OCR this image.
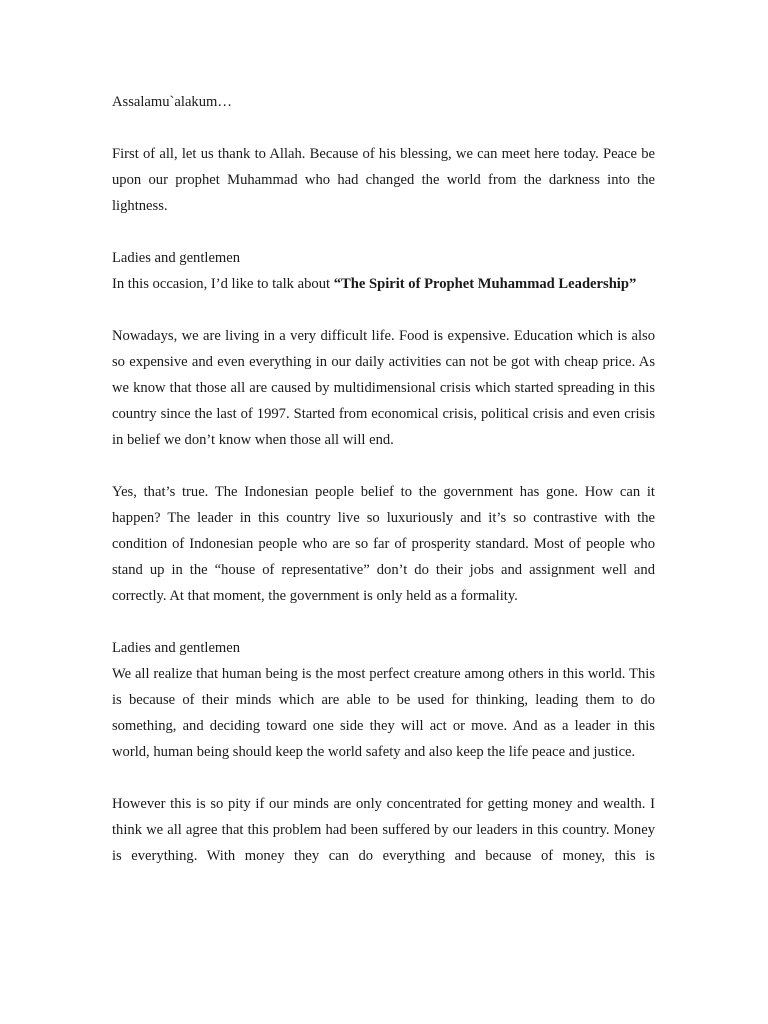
Assalamu`alakum…

First of all, let us thank to Allah. Because of his blessing, we can meet here today. Peace be upon our prophet Muhammad who had changed the world from the darkness into the lightness.

Ladies and gentlemen

In this occasion, I’d like to talk about “The Spirit of Prophet Muhammad Leadership”

Nowadays, we are living in a very difficult life. Food is expensive. Education which is also so expensive and even everything in our daily activities can not be got with cheap price. As we know that those all are caused by multidimensional crisis which started spreading in this country since the last of 1997. Started from economical crisis, political crisis and even crisis in belief we don’t know when those all will end.

Yes, that’s true. The Indonesian people belief to the government has gone. How can it happen? The leader in this country live so luxuriously and it’s so contrastive with the condition of Indonesian people who are so far of prosperity standard. Most of people who stand up in the “house of representative” don’t do their jobs and assignment well and correctly. At that moment, the government is only held as a formality.

Ladies and gentlemen

We all realize that human being is the most perfect creature among others in this world. This is because of their minds which are able to be used for thinking, leading them to do something, and deciding toward one side they will act or move. And as a leader in this world, human being should keep the world safety and also keep the life peace and justice.

However this is so pity if our minds are only concentrated for getting money and wealth. I think we all agree that this problem had been suffered by our leaders in this country. Money is everything. With money they can do everything and because of money, this is
